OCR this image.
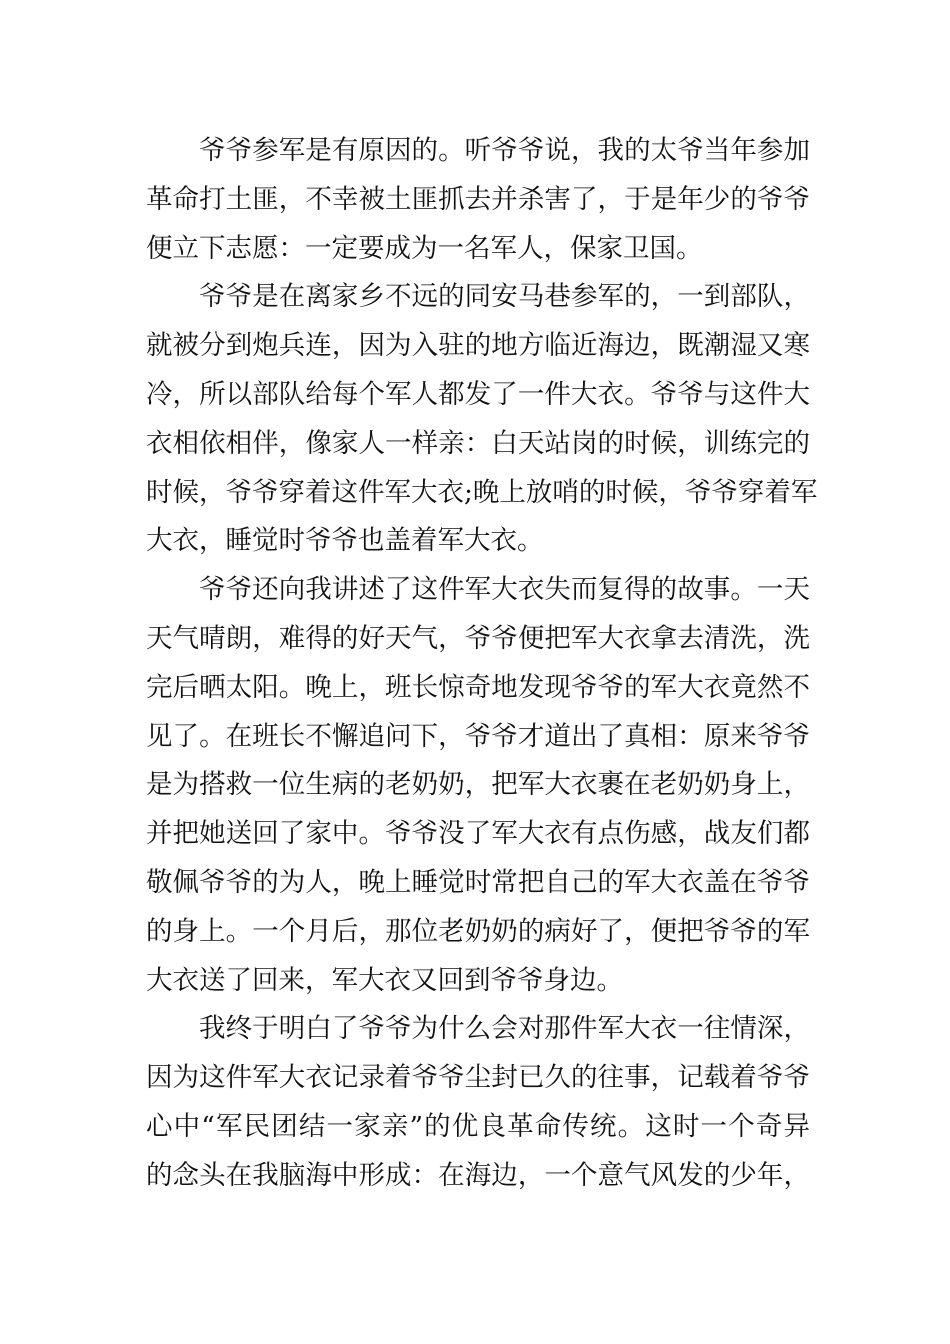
爷爷参军是有原因的。听爷爷说，我的太爷当年参加
革命打土匪，不幸被土匪抓去并杀害了，于是年少的爷爷
便立下志愿：一定要成为一名军人，保家卫国。
爷爷是在离家乡不远的同安马巷参军的，一到部队，
就被分到炮兵连，因为入驻的地方临近海边，既潮湿又寒
冷，所以部队给每个军人都发了一件大衣。爷爷与这件大
衣相依相伴，像家人一样亲：白天站岗的时候，训练完的
时候，爷爷穿着这件军大衣;晚上放哨的时候，爷爷穿着军
大衣，睡觉时爷爷也盖着军大衣。
爷爷还向我讲述了这件军大衣失而复得的故事。一天
天气晴朗，难得的好天气，爷爷便把军大衣拿去清洗，洗
完后晒太阳。晚上，班长惊奇地发现爷爷的军大衣竟然不
见了。在班长不懈追问下，爷爷才道出了真相：原来爷爷
是为搭救一位生病的老奶奶，把军大衣裹在老奶奶身上，
并把她送回了家中。爷爷没了军大衣有点伤感，战友们都
敬佩爷爷的为人，晚上睡觉时常把自己的军大衣盖在爷爷
的身上。一个月后，那位老奶奶的病好了，便把爷爷的军
大衣送了回来，军大衣又回到爷爷身边。
我终于明白了爷爷为什么会对那件军大衣一往情深，
因为这件军大衣记录着爷爷尘封已久的往事，记载着爷爷
心中“军民团结一家亲”的优良革命传统。这时一个奇异
的念头在我脑海中形成：在海边，一个意气风发的少年，
